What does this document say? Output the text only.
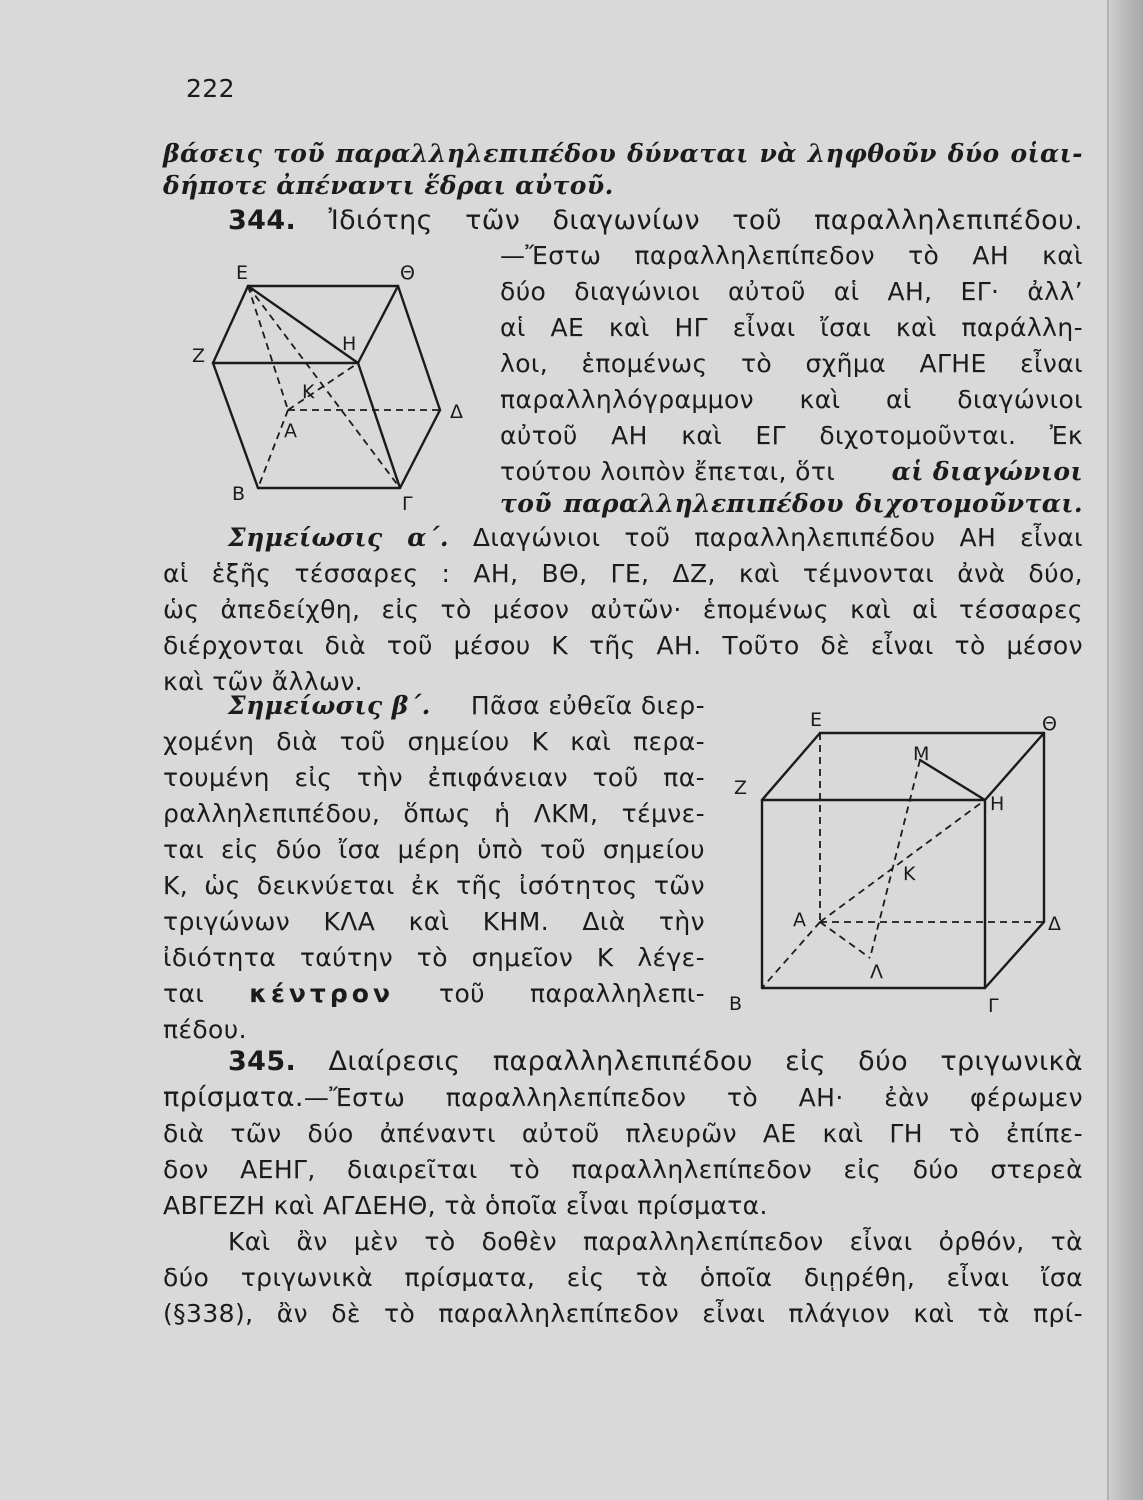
222
βάσεις τοῦ παραλληλεπιπέδου δύναται νὰ ληφθοῦν δύο οἱαι-
δήποτε ἀπέναντι ἕδραι αὐτοῦ.
344. Ἰδιότης τῶν διαγωνίων τοῦ παραλληλεπιπέδου.
—Ἔστω παραλληλεπίπεδον τὸ ΑΗ καὶ
δύο διαγώνιοι αὐτοῦ αἱ ΑΗ, ΕΓ· ἀλλ’
αἱ ΑΕ καὶ ΗΓ εἶναι ἴσαι καὶ παράλλη-
λοι, ἑπομένως τὸ σχῆμα ΑΓΗΕ εἶναι
παραλληλόγραμμον καὶ αἱ διαγώνιοι
αὐτοῦ ΑΗ καὶ ΕΓ διχοτομοῦνται. Ἐκ
τούτου λοιπὸν ἔπεται, ὅτι αἱ διαγώνιοι
τοῦ παραλληλεπιπέδου διχοτομοῦνται.
Ε	Θ
Ζ
Η
Κ
Α
Δ
Β	Γ
Σημείωσις α΄. Διαγώνιοι τοῦ παραλληλεπιπέδου ΑΗ εἶναι
αἱ ἑξῆς τέσσαρες : ΑΗ, ΒΘ, ΓΕ, ΔΖ, καὶ τέμνονται ἀνὰ δύο,
ὡς ἀπεδείχθη, εἰς τὸ μέσον αὐτῶν· ἑπομένως καὶ αἱ τέσσαρες
διέρχονται διὰ τοῦ μέσου Κ τῆς ΑΗ. Τοῦτο δὲ εἶναι τὸ μέσον
καὶ τῶν ἄλλων.
Σημείωσις β΄. Πᾶσα εὐθεῖα διερ-
χομένη διὰ τοῦ σημείου Κ καὶ περα-
τουμένη εἰς τὴν ἐπιφάνειαν τοῦ πα-
ραλληλεπιπέδου, ὅπως ἡ ΛΚΜ, τέμνε-
ται εἰς δύο ἴσα μέρη ὑπὸ τοῦ σημείου
Κ, ὡς δεικνύεται ἐκ τῆς ἰσότητος τῶν
τριγώνων ΚΛΑ καὶ ΚΗΜ. Διὰ τὴν
ἰδιότητα ταύτην τὸ σημεῖον Κ λέγε-
ται κέντρον τοῦ παραλληλεπι-
πέδου.
Ε	Θ
Μ
Ζ
Η
Κ
Α	Δ
Λ
Β	Γ
345. Διαίρεσις παραλληλεπιπέδου εἰς δύο τριγωνικὰ
πρίσματα.—Ἔστω παραλληλεπίπεδον τὸ ΑΗ· ἐὰν φέρωμεν
διὰ τῶν δύο ἀπέναντι αὐτοῦ πλευρῶν ΑΕ καὶ ΓΗ τὸ ἐπίπε-
δον ΑΕΗΓ, διαιρεῖται τὸ παραλληλεπίπεδον εἰς δύο στερεὰ
ΑΒΓΕΖΗ καὶ ΑΓΔΕΗΘ, τὰ ὁποῖα εἶναι πρίσματα.
Καὶ ἂν μὲν τὸ δοθὲν παραλληλεπίπεδον εἶναι ὀρθόν, τὰ
δύο τριγωνικὰ πρίσματα, εἰς τὰ ὁποῖα διῃρέθη, εἶναι ἴσα
(§338), ἂν δὲ τὸ παραλληλεπίπεδον εἶναι πλάγιον καὶ τὰ πρί-
